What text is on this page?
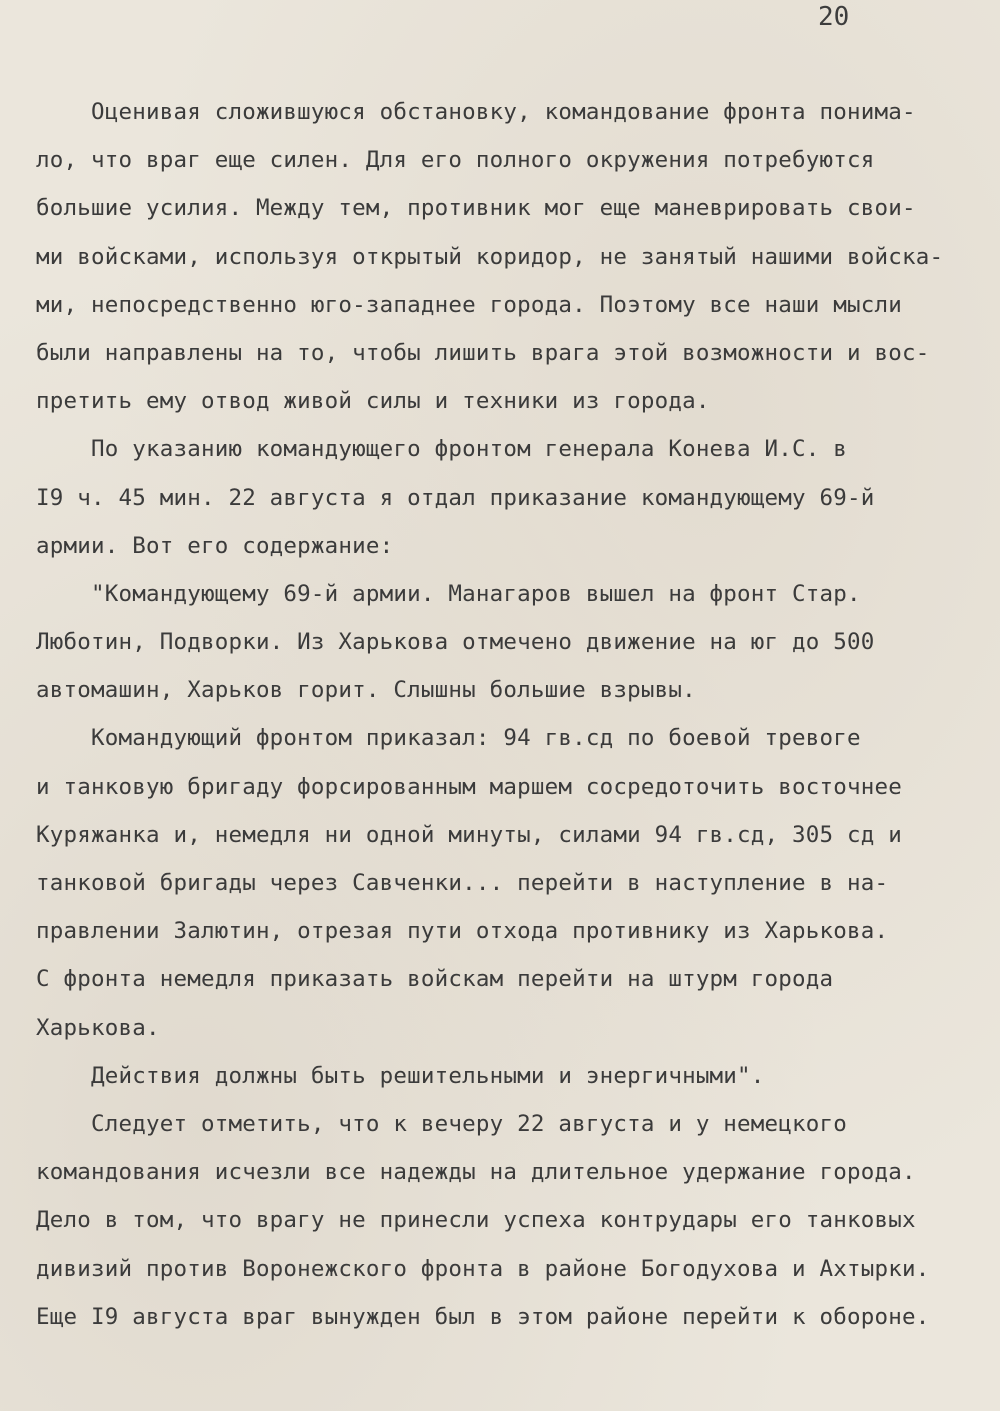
20
Оценивая сложившуюся обстановку, командование фронта понима-
ло, что враг еще силен. Для его полного окружения потребуются
большие усилия. Между тем, противник мог еще маневрировать свои-
ми войсками, используя открытый коридор, не занятый нашими войска-
ми, непосредственно юго-западнее города. Поэтому все наши мысли
были направлены на то, чтобы лишить врага этой возможности и вос-
претить ему отвод живой силы и техники из города.
По указанию командующего фронтом генерала Конева И.С. в
I9 ч. 45 мин. 22 августа я отдал приказание командующему 69-й
армии. Вот его содержание:
"Командующему 69-й армии. Манагаров вышел на фронт Стар.
Люботин, Подворки. Из Харькова отмечено движение на юг до 500
автомашин, Харьков горит. Слышны большие взрывы.
Командующий фронтом приказал: 94 гв.сд по боевой тревоге
и танковую бригаду форсированным маршем сосредоточить восточнее
Куряжанка и, немедля ни одной минуты, силами 94 гв.сд, 305 сд и
танковой бригады через Савченки... перейти в наступление в на-
правлении Залютин, отрезая пути отхода противнику из Харькова.
С фронта немедля приказать войскам перейти на штурм города
Харькова.
Действия должны быть решительными и энергичными".
Следует отметить, что к вечеру 22 августа и у немецкого
командования исчезли все надежды на длительное удержание города.
Дело в том, что врагу не принесли успеха контрудары его танковых
дивизий против Воронежского фронта в районе Богодухова и Ахтырки.
Еще I9 августа враг вынужден был в этом районе перейти к обороне.
